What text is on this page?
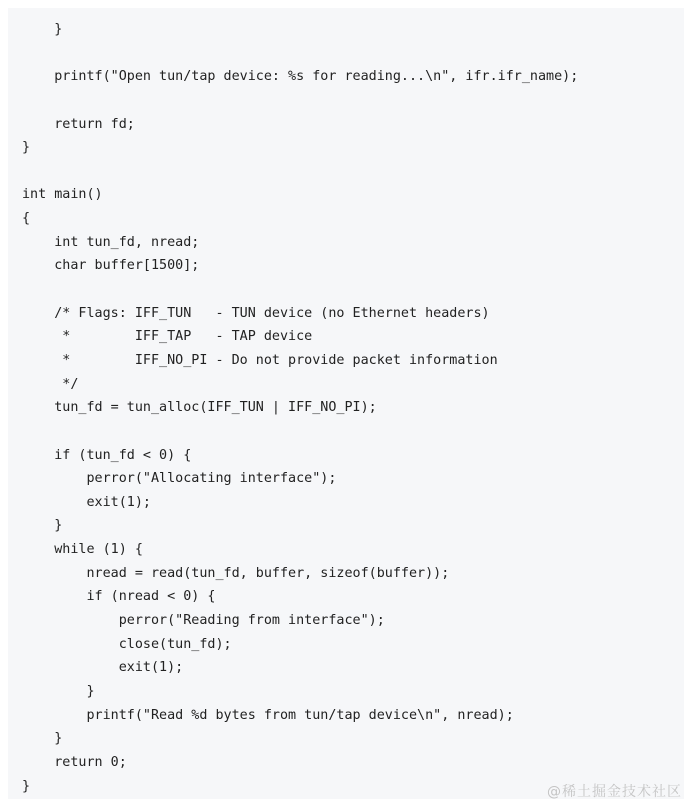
}
printf("Open tun/tap device: %s for reading...\n", ifr.ifr_name);
return fd;
}
int main()
{
int tun_fd, nread;
char buffer[1500];
/* Flags: IFF_TUN   - TUN device (no Ethernet headers)
*        IFF_TAP   - TAP device
*        IFF_NO_PI - Do not provide packet information
*/
tun_fd = tun_alloc(IFF_TUN | IFF_NO_PI);
if (tun_fd < 0) {
perror("Allocating interface");
exit(1);
}
while (1) {
nread = read(tun_fd, buffer, sizeof(buffer));
if (nread < 0) {
perror("Reading from interface");
close(tun_fd);
exit(1);
}
printf("Read %d bytes from tun/tap device\n", nread);
}
return 0;
}	@稀土掘金技术社区
